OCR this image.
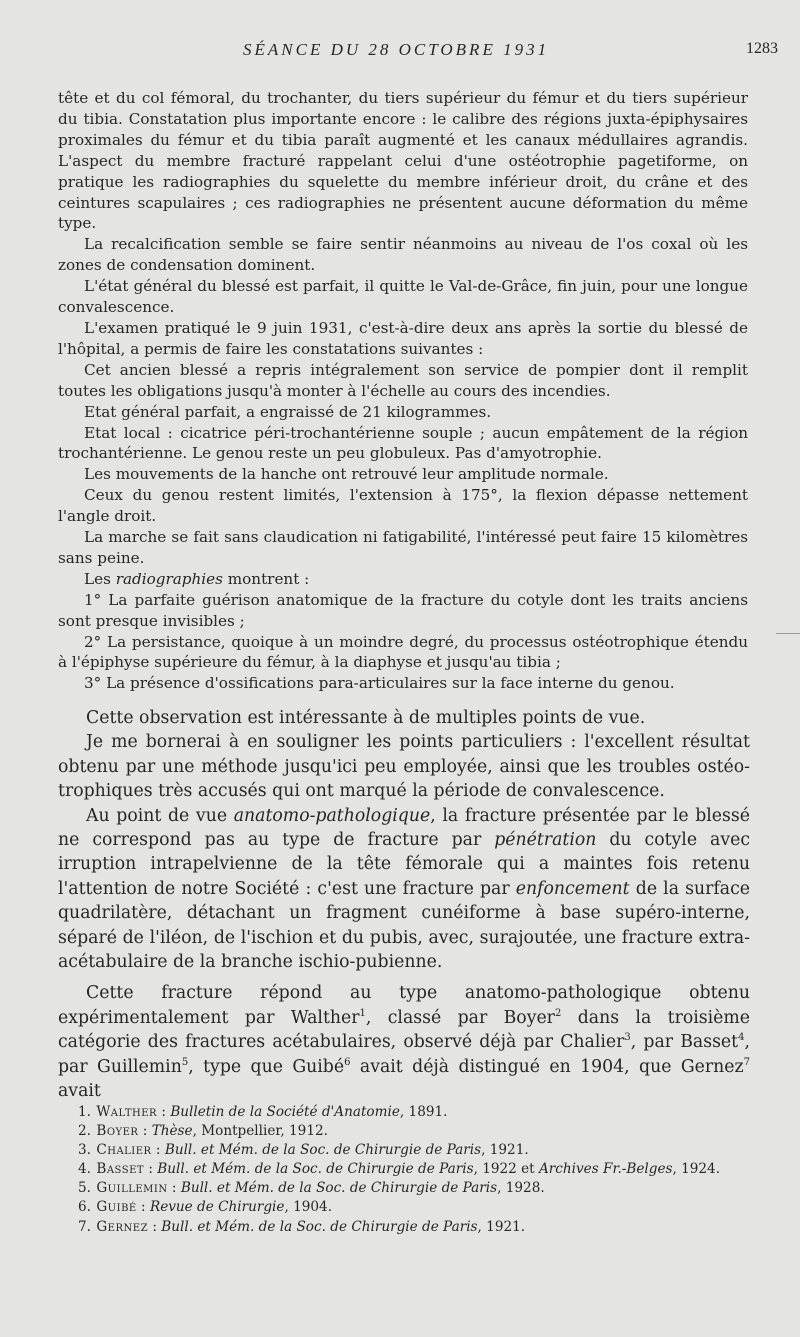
SÉANCE DU 28 OCTOBRE 1931	1283

tête et du col fémoral, du trochanter, du tiers supérieur du fémur et du tiers supérieur du tibia. Constatation plus importante encore : le calibre des régions juxta-épiphysaires proximales du fémur et du tibia paraît augmenté et les canaux médullaires agrandis. L'aspect du membre fracturé rappelant celui d'une ostéotrophie pagetiforme, on pratique les radiographies du squelette du membre inférieur droit, du crâne et des ceintures scapulaires ; ces radiographies ne présentent aucune déformation du même type.

La recalcification semble se faire sentir néanmoins au niveau de l'os coxal où les zones de condensation dominent.

L'état général du blessé est parfait, il quitte le Val-de-Grâce, fin juin, pour une longue convalescence.

L'examen pratiqué le 9 juin 1931, c'est-à-dire deux ans après la sortie du blessé de l'hôpital, a permis de faire les constatations suivantes :

Cet ancien blessé a repris intégralement son service de pompier dont il remplit toutes les obligations jusqu'à monter à l'échelle au cours des incendies.

Etat général parfait, a engraissé de 21 kilogrammes.

Etat local : cicatrice péri-trochantérienne souple ; aucun empâtement de la région trochantérienne. Le genou reste un peu globuleux. Pas d'amyotrophie.

Les mouvements de la hanche ont retrouvé leur amplitude normale.

Ceux du genou restent limités, l'extension à 175°, la flexion dépasse nettement l'angle droit.

La marche se fait sans claudication ni fatigabilité, l'intéressé peut faire 15 kilomètres sans peine.

Les radiographies montrent :

1° La parfaite guérison anatomique de la fracture du cotyle dont les traits anciens sont presque invisibles ;

2° La persistance, quoique à un moindre degré, du processus ostéotrophique étendu à l'épiphyse supérieure du fémur, à la diaphyse et jusqu'au tibia ;

3° La présence d'ossifications para-articulaires sur la face interne du genou.

Cette observation est intéressante à de multiples points de vue.

Je me bornerai à en souligner les points particuliers : l'excellent résultat obtenu par une méthode jusqu'ici peu employée, ainsi que les troubles ostéo-trophiques très accusés qui ont marqué la période de convalescence.

Au point de vue anatomo-pathologique, la fracture présentée par le blessé ne correspond pas au type de fracture par pénétration du cotyle avec irruption intrapelvienne de la tête fémorale qui a maintes fois retenu l'attention de notre Société : c'est une fracture par enfoncement de la surface quadrilatère, détachant un fragment cunéiforme à base supéro-interne, séparé de l'iléon, de l'ischion et du pubis, avec, surajoutée, une fracture extra-acétabulaire de la branche ischio-pubienne.

Cette fracture répond au type anatomo-pathologique obtenu expérimentalement par Walther$^1$, classé par Boyer$^2$ dans la troisième catégorie des fractures acétabulaires, observé déjà par Chalier$^3$, par Basset$^4$, par Guillemin$^5$, type que Guibé$^6$ avait déjà distingué en 1904, que Gernez$^7$ avait

1. Walther : Bulletin de la Société d'Anatomie, 1891.

2. Boyer : Thèse, Montpellier, 1912.

3. Chalier : Bull. et Mém. de la Soc. de Chirurgie de Paris, 1921.

4. Basset : Bull. et Mém. de la Soc. de Chirurgie de Paris, 1922 et Archives Fr.-Belges, 1924.

5. Guillemin : Bull. et Mém. de la Soc. de Chirurgie de Paris, 1928.

6. Guibé : Revue de Chirurgie, 1904.

7. Gernez : Bull. et Mém. de la Soc. de Chirurgie de Paris, 1921.
